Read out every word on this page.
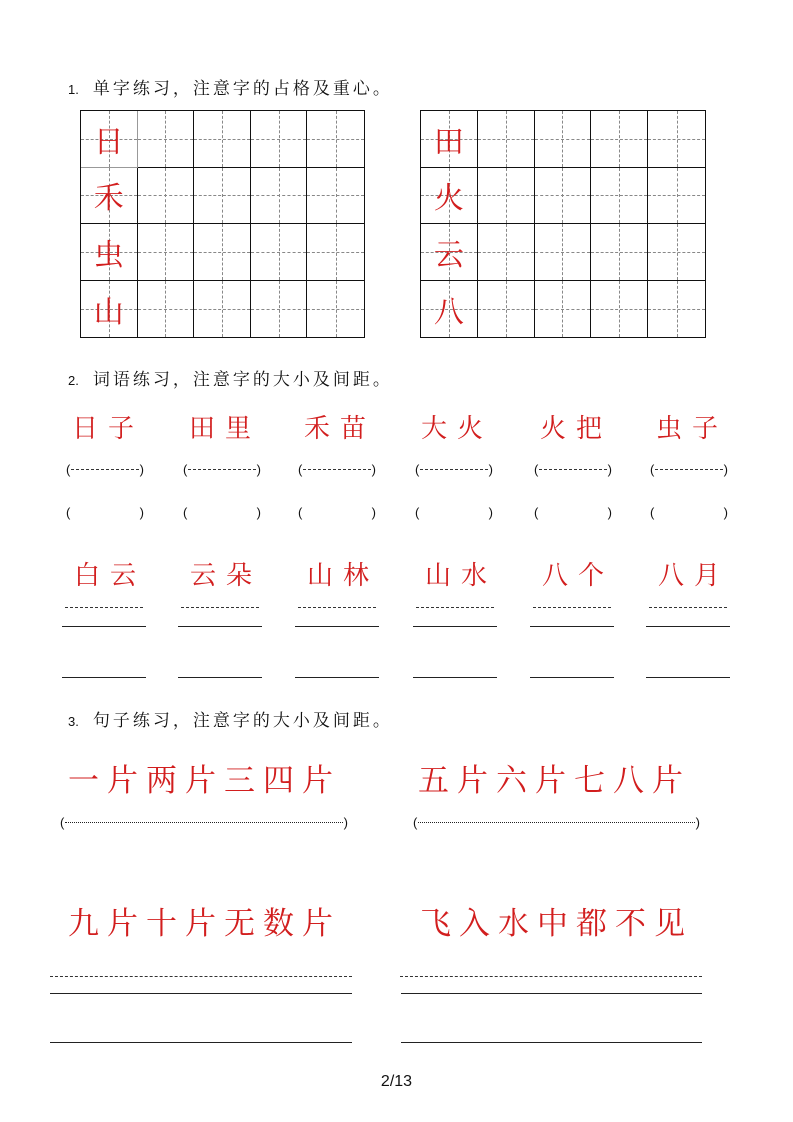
1. 单字练习，注意字的占格及重心。
日
禾
虫
山
田
火
云
八
2. 词语练习，注意字的大小及间距。
日子
(	)
(	)
田里
(	)
(	)
禾苗
(	)
(	)
大火
(	)
(	)
火把
(	)
(	)
虫子
(	)
(	)
白云 云朵 山林 山水 八个 八月
3. 句子练习，注意字的大小及间距。
一片两片三四片 五片六片七八片
(	)	(	)
九片十片无数片	飞入水中都不见
2/13
